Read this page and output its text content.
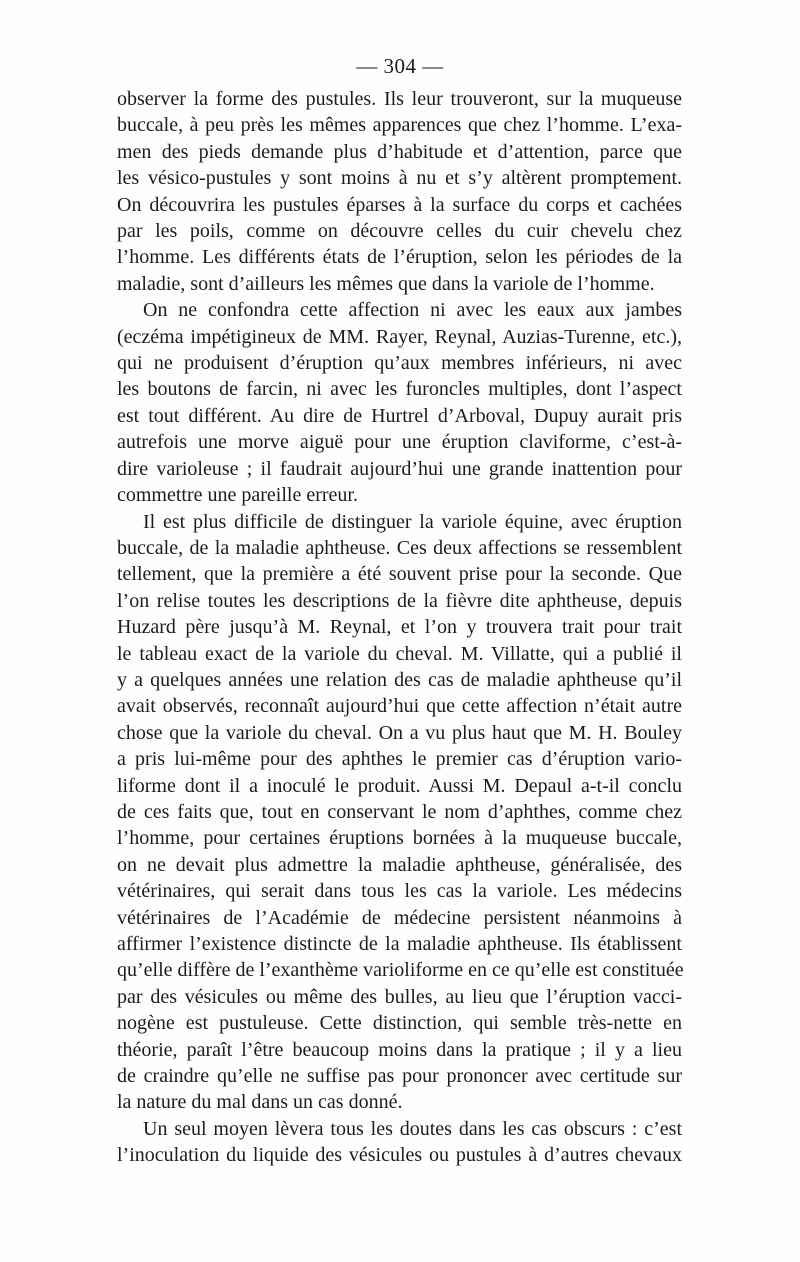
— 304 —
observer la forme des pustules. Ils leur trouveront, sur la muqueuse
buccale, à peu près les mêmes apparences que chez l’homme. L’exa-
men des pieds demande plus d’habitude et d’attention, parce que
les vésico-pustules y sont moins à nu et s’y altèrent promptement.
On découvrira les pustules éparses à la surface du corps et cachées
par les poils, comme on découvre celles du cuir chevelu chez
l’homme. Les différents états de l’éruption, selon les périodes de la
maladie, sont d’ailleurs les mêmes que dans la variole de l’homme.
On ne confondra cette affection ni avec les eaux aux jambes
(eczéma impétigineux de MM. Rayer, Reynal, Auzias-Turenne, etc.),
qui ne produisent d’éruption qu’aux membres inférieurs, ni avec
les boutons de farcin, ni avec les furoncles multiples, dont l’aspect
est tout différent. Au dire de Hurtrel d’Arboval, Dupuy aurait pris
autrefois une morve aiguë pour une éruption claviforme, c’est-à-
dire varioleuse ; il faudrait aujourd’hui une grande inattention pour
commettre une pareille erreur.
Il est plus difficile de distinguer la variole équine, avec éruption
buccale, de la maladie aphtheuse. Ces deux affections se ressemblent
tellement, que la première a été souvent prise pour la seconde. Que
l’on relise toutes les descriptions de la fièvre dite aphtheuse, depuis
Huzard père jusqu’à M. Reynal, et l’on y trouvera trait pour trait
le tableau exact de la variole du cheval. M. Villatte, qui a publié il
y a quelques années une relation des cas de maladie aphtheuse qu’il
avait observés, reconnaît aujourd’hui que cette affection n’était autre
chose que la variole du cheval. On a vu plus haut que M. H. Bouley
a pris lui-même pour des aphthes le premier cas d’éruption vario-
liforme dont il a inoculé le produit. Aussi M. Depaul a-t-il conclu
de ces faits que, tout en conservant le nom d’aphthes, comme chez
l’homme, pour certaines éruptions bornées à la muqueuse buccale,
on ne devait plus admettre la maladie aphtheuse, généralisée, des
vétérinaires, qui serait dans tous les cas la variole. Les médecins
vétérinaires de l’Académie de médecine persistent néanmoins à
affirmer l’existence distincte de la maladie aphtheuse. Ils établissent
qu’elle diffère de l’exanthème varioliforme en ce qu’elle est constituée
par des vésicules ou même des bulles, au lieu que l’éruption vacci-
nogène est pustuleuse. Cette distinction, qui semble très-nette en
théorie, paraît l’être beaucoup moins dans la pratique ; il y a lieu
de craindre qu’elle ne suffise pas pour prononcer avec certitude sur
la nature du mal dans un cas donné.
Un seul moyen lèvera tous les doutes dans les cas obscurs : c’est
l’inoculation du liquide des vésicules ou pustules à d’autres chevaux
